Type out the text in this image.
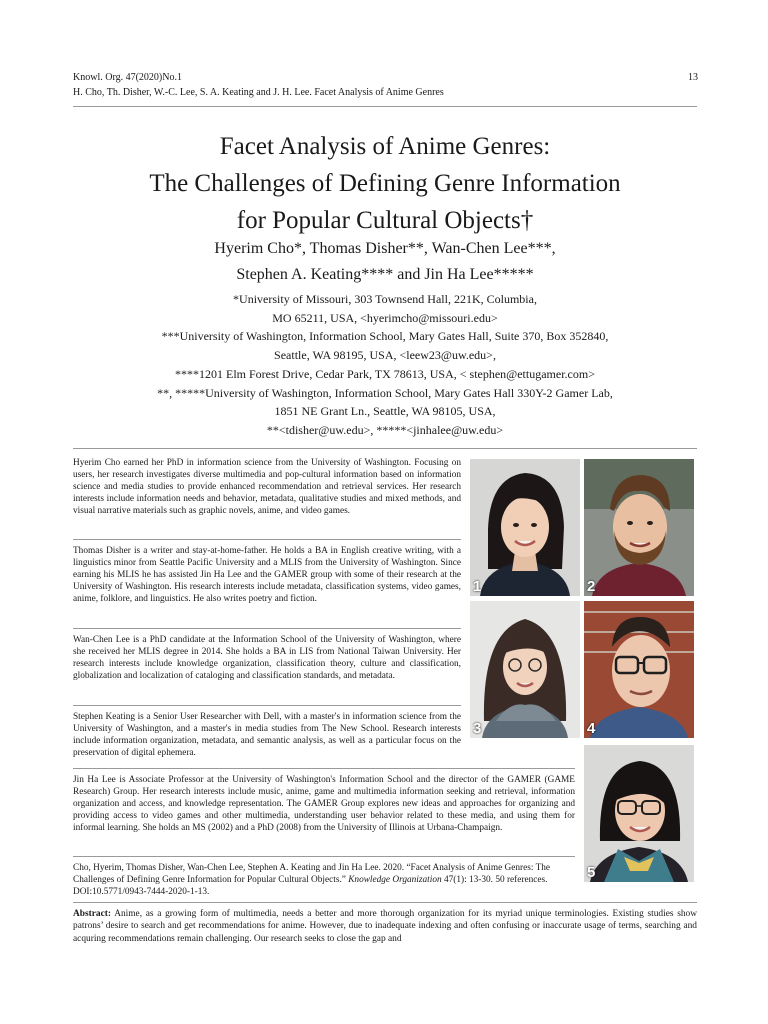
Knowl. Org. 47(2020)No.1
H. Cho, Th. Disher, W.-C. Lee, S. A. Keating and J. H. Lee. Facet Analysis of Anime Genres
13
Facet Analysis of Anime Genres:
The Challenges of Defining Genre Information
for Popular Cultural Objects†
Hyerim Cho*, Thomas Disher**, Wan-Chen Lee***,
Stephen A. Keating**** and Jin Ha Lee*****
*University of Missouri, 303 Townsend Hall, 221K, Columbia,
MO 65211, USA, <hyerimcho@missouri.edu>
***University of Washington, Information School, Mary Gates Hall, Suite 370, Box 352840,
Seattle, WA 98195, USA, <leew23@uw.edu>,
****1201 Elm Forest Drive, Cedar Park, TX 78613, USA, < stephen@ettugamer.com>
**, *****University of Washington, Information School, Mary Gates Hall 330Y-2 Gamer Lab,
1851 NE Grant Ln., Seattle, WA 98105, USA,
**<tdisher@uw.edu>, *****<jinhalee@uw.edu>
Hyerim Cho earned her PhD in information science from the University of Washington. Focusing on users, her research investigates diverse multimedia and pop-cultural information based on information science and media studies to provide enhanced recommendation and retrieval services. Her research interests include information needs and behavior, metadata, qualitative studies and mixed methods, and visual narrative materials such as graphic novels, anime, and video games.
Thomas Disher is a writer and stay-at-home-father. He holds a BA in English creative writing, with a linguistics minor from Seattle Pacific University and a MLIS from the University of Washington. Since earning his MLIS he has assisted Jin Ha Lee and the GAMER group with some of their research at the University of Washington. His research interests include metadata, classification systems, video games, anime, folklore, and linguistics. He also writes poetry and fiction.
Wan-Chen Lee is a PhD candidate at the Information School of the University of Washington, where she received her MLIS degree in 2014. She holds a BA in LIS from National Taiwan University. Her research interests include knowledge organization, classification theory, culture and classification, globalization and localization of cataloging and classification standards, and metadata.
Stephen Keating is a Senior User Researcher with Dell, with a master's in information science from the University of Washington, and a master's in media studies from The New School. Research interests include information organization, metadata, and semantic analysis, as well as a particular focus on the preservation of digital ephemera.
Jin Ha Lee is Associate Professor at the University of Washington's Information School and the director of the GAMER (GAME Research) Group. Her research interests include music, anime, game and multimedia information seeking and retrieval, information organization and access, and knowledge representation. The GAMER Group explores new ideas and approaches for organizing and providing access to video games and other multimedia, understanding user behavior related to these media, and using them for informal learning. She holds an MS (2002) and a PhD (2008) from the University of Illinois at Urbana-Champaign.
1	2
3	4
5
Cho, Hyerim, Thomas Disher, Wan-Chen Lee, Stephen A. Keating and Jin Ha Lee. 2020. “Facet Analysis of Anime Genres: The Challenges of Defining Genre Information for Popular Cultural Objects.” Knowledge Organization 47(1): 13-30. 50 references. DOI:10.5771/0943-7444-2020-1-13.
Abstract: Anime, as a growing form of multimedia, needs a better and more thorough organization for its myriad unique terminologies. Existing studies show patrons’ desire to search and get recommendations for anime. However, due to inadequate indexing and often confusing or inaccurate usage of terms, searching and acquring recommendations remain challenging. Our research seeks to close the gap and
